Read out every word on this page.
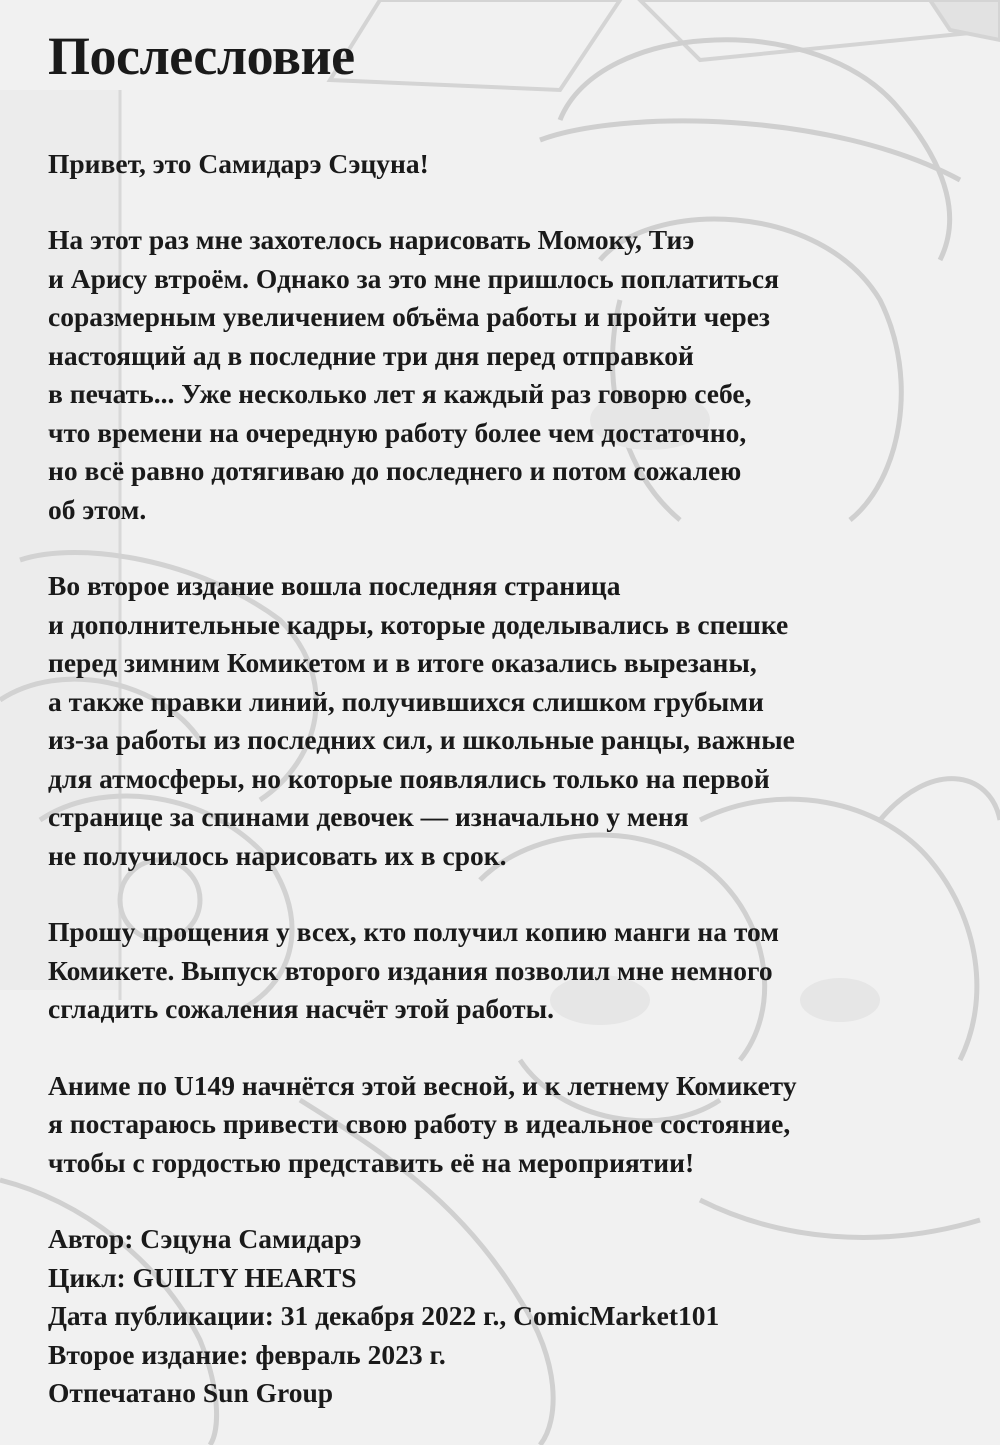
Послесловие

Привет, это Самидарэ Сэцуна!

На этот раз мне захотелось нарисовать Момоку, Тиэ
и Арису втроём. Однако за это мне пришлось поплатиться
соразмерным увеличением объёма работы и пройти через
настоящий ад в последние три дня перед отправкой
в печать... Уже несколько лет я каждый раз говорю себе,
что времени на очередную работу более чем достаточно,
но всё равно дотягиваю до последнего и потом сожалею
об этом.

Во второе издание вошла последняя страница
и дополнительные кадры, которые доделывались в спешке
перед зимним Комикетом и в итоге оказались вырезаны,
а также правки линий, получившихся слишком грубыми
из-за работы из последних сил, и школьные ранцы, важные
для атмосферы, но которые появлялись только на первой
странице за спинами девочек — изначально у меня
не получилось нарисовать их в срок.

Прошу прощения у всех, кто получил копию манги на том
Комикете. Выпуск второго издания позволил мне немного
сгладить сожаления насчёт этой работы.

Аниме по U149 начнётся этой весной, и к летнему Комикету
я постараюсь привести свою работу в идеальное состояние,
чтобы с гордостью представить её на мероприятии!

Автор: Сэцуна Самидарэ
Цикл: GUILTY HEARTS
Дата публикации: 31 декабря 2022 г., ComicMarket101
Второе издание: февраль 2023 г.
Отпечатано Sun Group
